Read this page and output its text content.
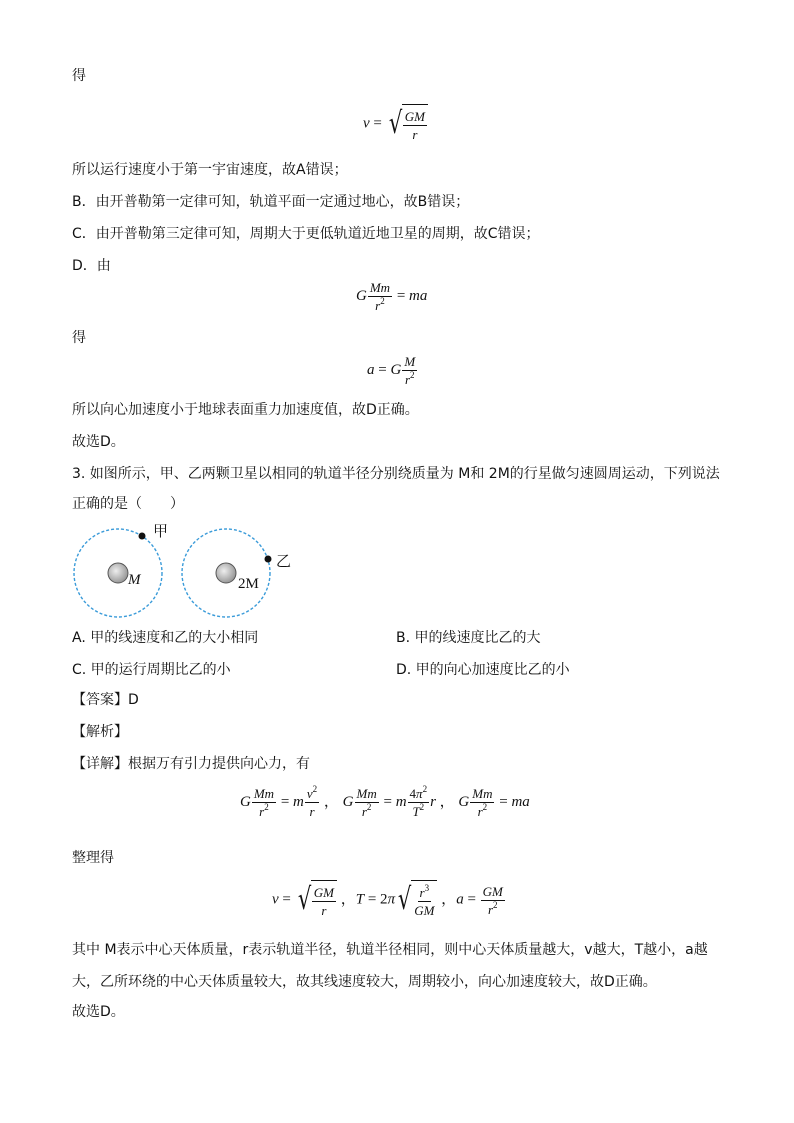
得
v = √ $\frac{GM}{r}$
所以运行速度小于第一宇宙速度，故A错误；
B．由开普勒第一定律可知，轨道平面一定通过地心，故B错误；
C．由开普勒第三定律可知，周期大于更低轨道近地卫星的周期，故C错误；
D．由
G $\frac{Mm}{r^2}$ = ma
得
a = G $\frac{M}{r^2}$
所以向心加速度小于地球表面重力加速度值，故D正确。
故选D。
3. 如图所示，甲、乙两颗卫星以相同的轨道半径分别绕质量为 M和 2M的行星做匀速圆周运动，下列说法
正确的是（　　）
M
甲
2M
乙
A. 甲的线速度和乙的大小相同	B. 甲的线速度比乙的大
C. 甲的运行周期比乙的小	D. 甲的向心加速度比乙的小
【答案】D
【解析】
【详解】根据万有引力提供向心力，有
G $\frac{Mm}{r^2} = m \frac{v^2}{r}$ ， G $\frac{Mm}{r^2} = m \frac{4\pi^2}{T^2}$ r ， G $\frac{Mm}{r^2}$ = ma
整理得
v = √ $\frac{GM}{r}$ ，T = 2π √ $\frac{r^3}{GM}$ ，$a = \frac{GM}{r^2}$
其中 M表示中心天体质量，r表示轨道半径，轨道半径相同，则中心天体质量越大，v越大，T越小，a越
大，乙所环绕的中心天体质量较大，故其线速度较大，周期较小，向心加速度较大，故D正确。
故选D。
